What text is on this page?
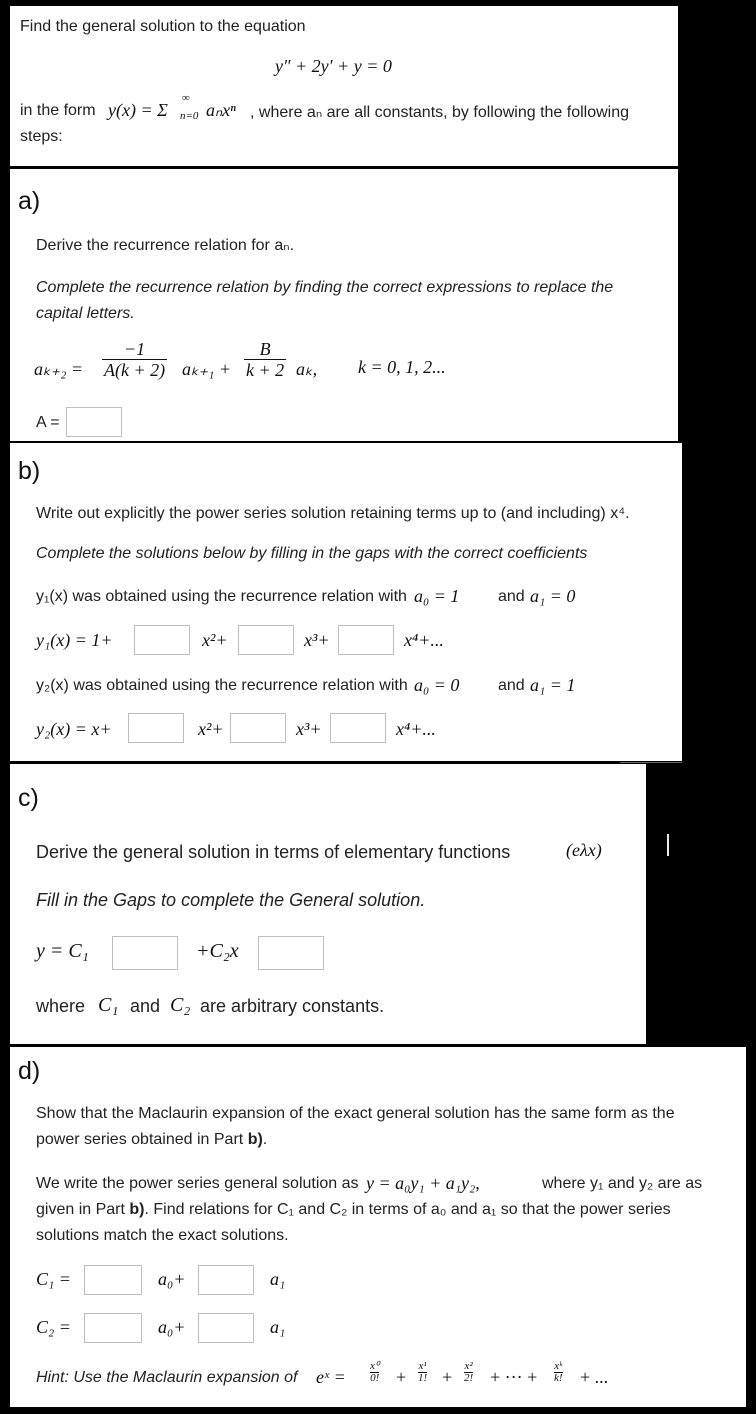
Find the general solution to the equation
y″ + 2y′ + y = 0
in the form y(x) = Σ
∞
n=0 aₙxⁿ , where aₙ are all constants, by following the following
steps:
a)
Derive the recurrence relation for aₙ.
Complete the recurrence relation by finding the correct expressions to replace the
capital letters.
$a_{k+2} = \frac{-1}{A(k + 2)} a_{k+1} + \frac{B}{k + 2} a_k$, k = 0, 1, 2...
A =
b)
Write out explicitly the power series solution retaining terms up to (and including) x⁴.
Complete the solutions below by filling in the gaps with the correct coefficients
y₁(x) was obtained using the recurrence relation with a₀ = 1 and a₁ = 0
y₁(x) = 1+	x²+	x³+	x⁴+...
y₂(x) was obtained using the recurrence relation with a₀ = 0 and a₁ = 1
y₂(x) = x+	x²+	x³+	x⁴+...
c)
Derive the general solution in terms of elementary functions	(eλx)
Fill in the Gaps to complete the General solution.
y = C₁	+C₂x
where C₁ and C₂ are arbitrary constants.
d)
Show that the Maclaurin expansion of the exact general solution has the same form as the
power series obtained in Part b).
We write the power series general solution as y = a₀y₁ + a₁y₂,	where y₁ and y₂ are as
given in Part b). Find relations for C₁ and C₂ in terms of a₀ and a₁ so that the power series
solutions match the exact solutions.
C₁ =	a₀+	a₁
C₂ =	a₀+	a₁
Hint: Use the Maclaurin expansion of eˣ = $\frac{\text{x⁰}}{0!} + \frac{\text{x¹}}{1!} + \frac{\text{x²}}{2!}$ + ··· + $\frac{\text{xᵏ}}{k!}$ + ...
